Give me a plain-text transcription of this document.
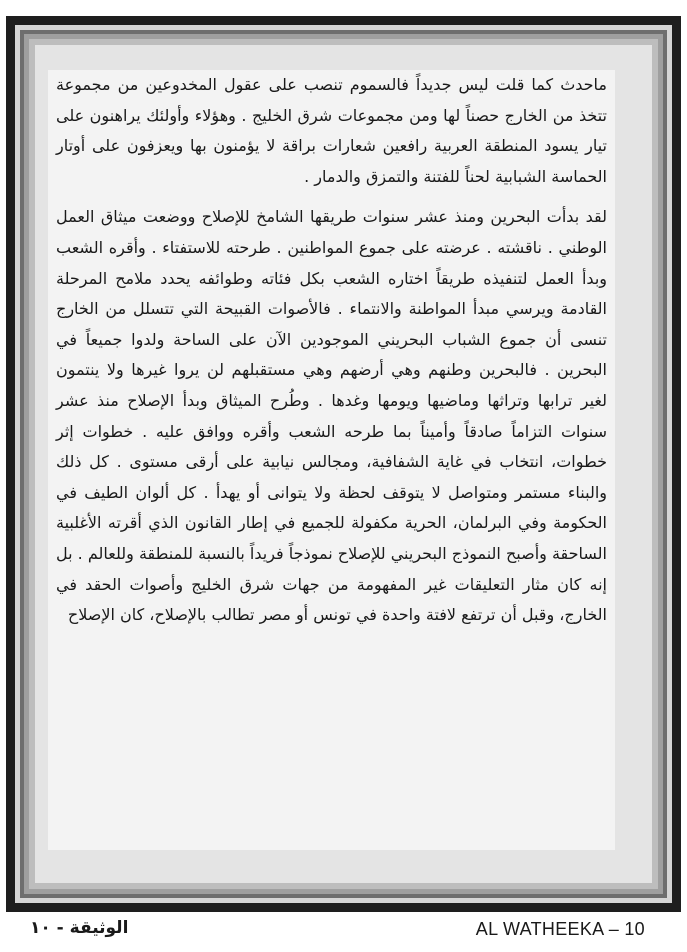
ماحدث كما قلت ليس جديداً فالسموم تنصب على عقول المخدوعين من مجموعة تتخذ من الخارج حصناً لها ومن مجموعات شرق الخليج . وهؤلاء وأولئك يراهنون على تيار يسود المنطقة العربية رافعين شعارات براقة لا يؤمنون بها ويعزفون على أوتار الحماسة الشبابية لحناً للفتنة والتمزق والدمار .

لقد بدأت البحرين ومنذ عشر سنوات طريقها الشامخ للإصلاح ووضعت ميثاق العمل الوطني . ناقشته . عرضته على جموع المواطنين . طرحته للاستفتاء . وأقره الشعب وبدأ العمل لتنفيذه طريقاً اختاره الشعب بكل فئاته وطوائفه يحدد ملامح المرحلة القادمة ويرسي مبدأ المواطنة والانتماء . فالأصوات القبيحة التي تتسلل من الخارج تنسى أن جموع الشباب البحريني الموجودين الآن على الساحة ولدوا جميعاً في البحرين . فالبحرين وطنهم وهي أرضهم وهي مستقبلهم لن يروا غيرها ولا ينتمون لغير ترابها وتراثها وماضيها ويومها وغدها . وطُرح الميثاق وبدأ الإصلاح منذ عشر سنوات التزاماً صادقاً وأميناً بما طرحه الشعب وأقره ووافق عليه . خطوات إثر خطوات، انتخاب في غاية الشفافية، ومجالس نيابية على أرقى مستوى . كل ذلك والبناء مستمر ومتواصل لا يتوقف لحظة ولا يتوانى أو يهدأ . كل ألوان الطيف في الحكومة وفي البرلمان، الحرية مكفولة للجميع في إطار القانون الذي أقرته الأغلبية الساحقة وأصبح النموذج البحريني للإصلاح نموذجاً فريداً بالنسبة للمنطقة وللعالم . بل إنه كان مثار التعليقات غير المفهومة من جهات شرق الخليج وأصوات الحقد في الخارج، وقبل أن ترتفع لافتة واحدة في تونس أو مصر تطالب بالإصلاح، كان الإصلاح

الوثيقة - ١٠	AL WATHEEKA – 10
